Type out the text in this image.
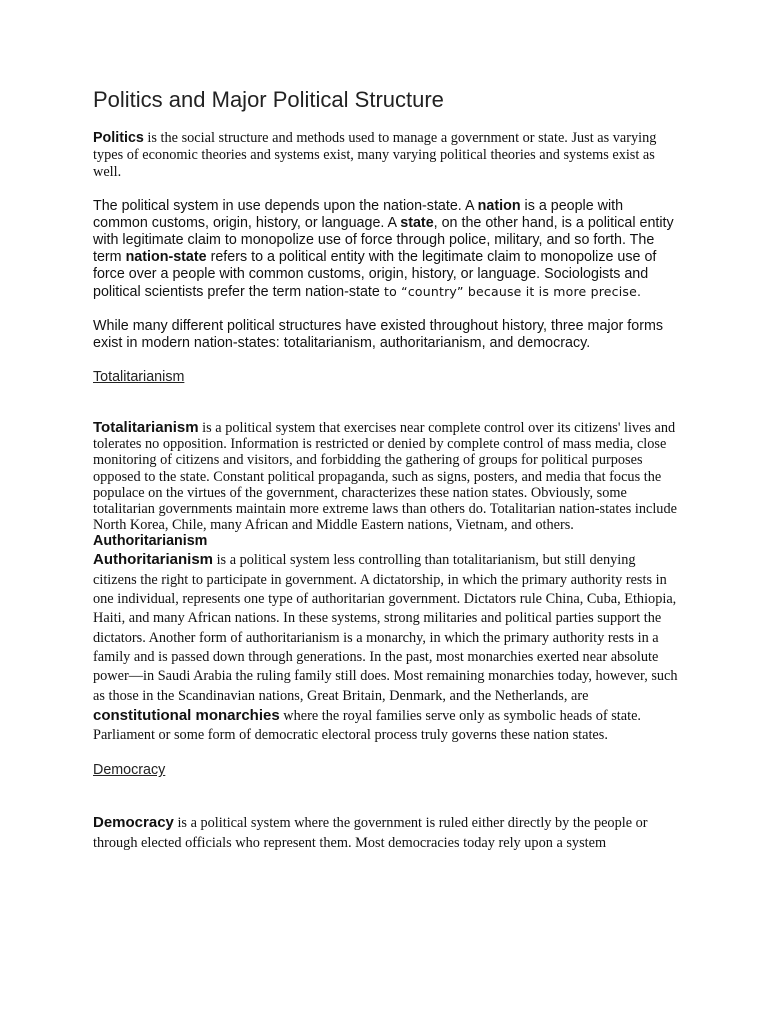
Politics and Major Political Structure

Politics is the social structure and methods used to manage a government or state. Just as varying types of economic theories and systems exist, many varying political theories and systems exist as well.

The political system in use depends upon the nation-state. A nation is a people with common customs, origin, history, or language. A state, on the other hand, is a political entity with legitimate claim to monopolize use of force through police, military, and so forth. The term nation-state refers to a political entity with the legitimate claim to monopolize use of force over a people with common customs, origin, history, or language. Sociologists and political scientists prefer the term nation-state to “country” because it is more precise.

While many different political structures have existed throughout history, three major forms exist in modern nation-states: totalitarianism, authoritarianism, and democracy.

Totalitarianism

Totalitarianism is a political system that exercises near complete control over its citizens' lives and tolerates no opposition. Information is restricted or denied by complete control of mass media, close monitoring of citizens and visitors, and forbidding the gathering of groups for political purposes opposed to the state. Constant political propaganda, such as signs, posters, and media that focus the populace on the virtues of the government, characterizes these nation states. Obviously, some totalitarian governments maintain more extreme laws than others do. Totalitarian nation-states include North Korea, Chile, many African and Middle Eastern nations, Vietnam, and others.

Authoritarianism

Authoritarianism is a political system less controlling than totalitarianism, but still denying citizens the right to participate in government. A dictatorship, in which the primary authority rests in one individual, represents one type of authoritarian government. Dictators rule China, Cuba, Ethiopia, Haiti, and many African nations. In these systems, strong militaries and political parties support the dictators. Another form of authoritarianism is a monarchy, in which the primary authority rests in a family and is passed down through generations. In the past, most monarchies exerted near absolute power—in Saudi Arabia the ruling family still does. Most remaining monarchies today, however, such as those in the Scandinavian nations, Great Britain, Denmark, and the Netherlands, are constitutional monarchies where the royal families serve only as symbolic heads of state. Parliament or some form of democratic electoral process truly governs these nation states.

Democracy

Democracy is a political system where the government is ruled either directly by the people or through elected officials who represent them. Most democracies today rely upon a system
